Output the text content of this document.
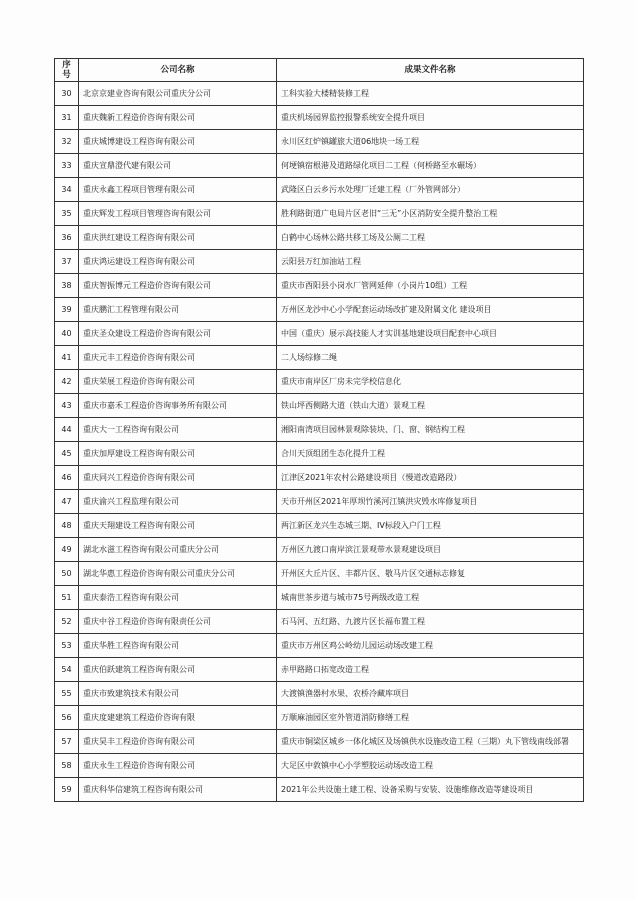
序号	公司名称	成果文件名称
30	北京京建业咨询有限公司重庆分公司	工科实验大楼精装修工程
31	重庆魏新工程造价咨询有限公司	重庆机场园界监控报警系统安全提升项目
32	重庆城博建设工程咨询有限公司	永川区红炉镇罐旅大道06地块一场工程
33	重庆宣鼎澄代建有限公司	何埂镇宿根港及道路绿化项目二工程（何桥路至水碾场）
34	重庆永鑫工程项目管理有限公司	武隆区白云乡污水处理厂迁建工程（厂外管网部分）
35	重庆辉发工程项目管理咨询有限公司	胜利路街道广电局片区老旧“三无”小区消防安全提升整治工程
36	重庆洪红建设工程咨询有限公司	白鹤中心场林公路共移工场及公厕二工程
37	重庆鸿运建设工程咨询有限公司	云阳县万红加油站工程
38	重庆智振博元工程造价咨询有限公司	重庆市酉阳县小岗水厂管网延伸（小岗片10组）工程
39	重庆鹏汇工程管理有限公司	万州区龙沙中心小学配套运动场改扩建及附属文化 建设项目
40	重庆圣众建设工程造价咨询有限公司	中国（重庆）展示高技能人才实训基地建设项目配套中心项目
41	重庆元丰工程造价咨询有限公司	二人场综修二绳
42	重庆荣展工程造价咨询有限公司	重庆市南岸区厂房未完学校信息化
43	重庆市嘉禾工程造价咨询事务所有限公司	铁山坪西侧路大道（铁山大道）景观工程
44	重庆大一工程咨询有限公司	湘阳南湾项目园林景观除装块、门、窗、钢结构工程
45	重庆加厚建设工程咨询有限公司	合川天顶组团生态化提升工程
46	重庆同兴工程造价咨询有限公司	江津区2021年农村公路建设项目（慢道改造路段）
47	重庆渝兴工程监理有限公司	天市开州区2021年厚坝竹溪河江镇洪灾毁水库修复项目
48	重庆天翔建设工程咨询有限公司	两江新区龙兴生态城三期、IV标段入户门工程
49	湖北水滋工程咨询有限公司重庆分公司	万州区九渡口南岸滨江景观带水景观建设项目
50	湖北华惠工程造价咨询有限公司重庆分公司	开州区大丘片区、丰都片区、敬马片区交通标志修复
51	重庆泰浩工程咨询有限公司	城南世茶步道与城市75号两级改造工程
52	重庆中谷工程造价咨询有限责任公司	石马河、五红路、九渡片区长福布置工程
53	重庆华胜工程咨询有限公司	重庆市万州区鸡公岭幼儿园运动场改建工程
54	重庆伯跃建筑工程咨询有限公司	赤甲路路口拓宽改造工程
55	重庆市致建筑技术有限公司	大渡镇渔器村水果、农桥冷藏库项目
56	重庆度建建筑工程造价咨询有限	万顺麻油园区室外管道消防修缮工程
57	重庆昊丰工程造价咨询有限公司	重庆市铜梁区城乡一体化城区及场镇供水设施改造工程（三期）丸下管线南线部署
58	重庆永生工程造价咨询有限公司	大足区中敦镇中心小学塑胶运动场改造工程
59	重庆科华信建筑工程咨询有限公司	2021年公共设施土建工程、设备采购与安装、设施维修改造等建设项目
